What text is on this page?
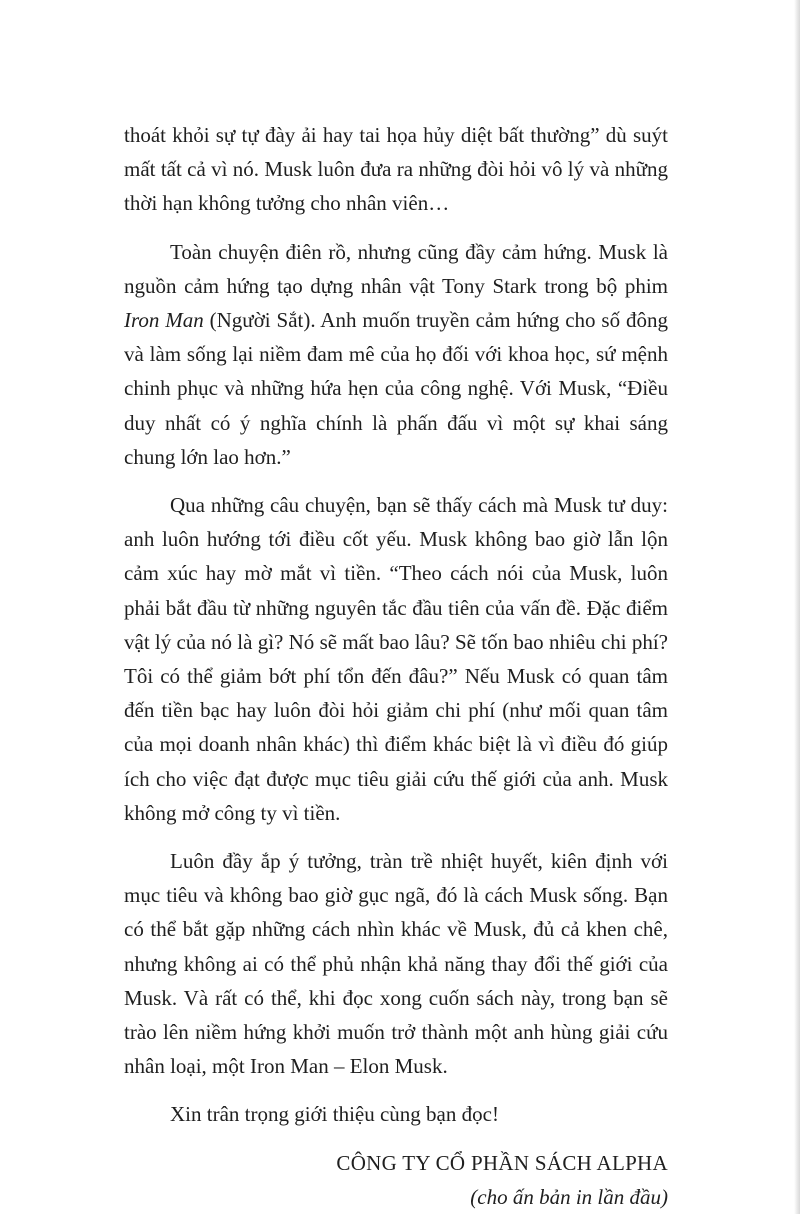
thoát khỏi sự tự đày ải hay tai họa hủy diệt bất thường” dù suýt mất tất cả vì nó. Musk luôn đưa ra những đòi hỏi vô lý và những thời hạn không tưởng cho nhân viên…

Toàn chuyện điên rồ, nhưng cũng đầy cảm hứng. Musk là nguồn cảm hứng tạo dựng nhân vật Tony Stark trong bộ phim Iron Man (Người Sắt). Anh muốn truyền cảm hứng cho số đông và làm sống lại niềm đam mê của họ đối với khoa học, sứ mệnh chinh phục và những hứa hẹn của công nghệ. Với Musk, “Điều duy nhất có ý nghĩa chính là phấn đấu vì một sự khai sáng chung lớn lao hơn.”

Qua những câu chuyện, bạn sẽ thấy cách mà Musk tư duy: anh luôn hướng tới điều cốt yếu. Musk không bao giờ lẫn lộn cảm xúc hay mờ mắt vì tiền. “Theo cách nói của Musk, luôn phải bắt đầu từ những nguyên tắc đầu tiên của vấn đề. Đặc điểm vật lý của nó là gì? Nó sẽ mất bao lâu? Sẽ tốn bao nhiêu chi phí? Tôi có thể giảm bớt phí tổn đến đâu?” Nếu Musk có quan tâm đến tiền bạc hay luôn đòi hỏi giảm chi phí (như mối quan tâm của mọi doanh nhân khác) thì điểm khác biệt là vì điều đó giúp ích cho việc đạt được mục tiêu giải cứu thế giới của anh. Musk không mở công ty vì tiền.

Luôn đầy ắp ý tưởng, tràn trề nhiệt huyết, kiên định với mục tiêu và không bao giờ gục ngã, đó là cách Musk sống. Bạn có thể bắt gặp những cách nhìn khác về Musk, đủ cả khen chê, nhưng không ai có thể phủ nhận khả năng thay đổi thế giới của Musk. Và rất có thể, khi đọc xong cuốn sách này, trong bạn sẽ trào lên niềm hứng khởi muốn trở thành một anh hùng giải cứu nhân loại, một Iron Man – Elon Musk.

Xin trân trọng giới thiệu cùng bạn đọc!

CÔNG TY CỔ PHẦN SÁCH ALPHA

(cho ấn bản in lần đầu)
